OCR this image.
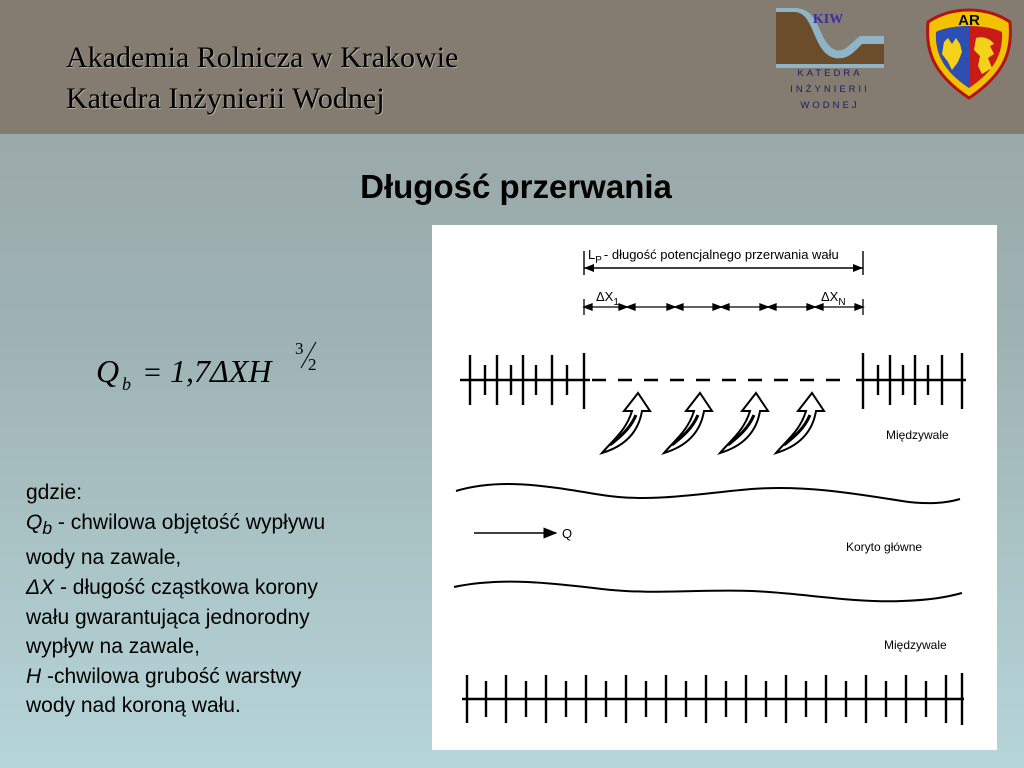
Akademia Rolnicza w Krakowie

Katedra Inżynierii Wodnej

KIW
KATEDRA
INŻYNIERII
WODNEJ
AR
Długość przerwania
Q b = 1,7ΔXH
3
2
gdzie:
$Q_b$ - chwilowa objętość wypływu
wody na zawale,
ΔX - długość cząstkowa korony
wału gwarantująca jednorodny
wypływ na zawale,
H -chwilowa grubość warstwy
wody nad koroną wału.
$L_P$ - długość potencjalnego przerwania wału
$\Delta X_1$	$\Delta X_N$
Międzywale
Q
Koryto główne
Międzywale
